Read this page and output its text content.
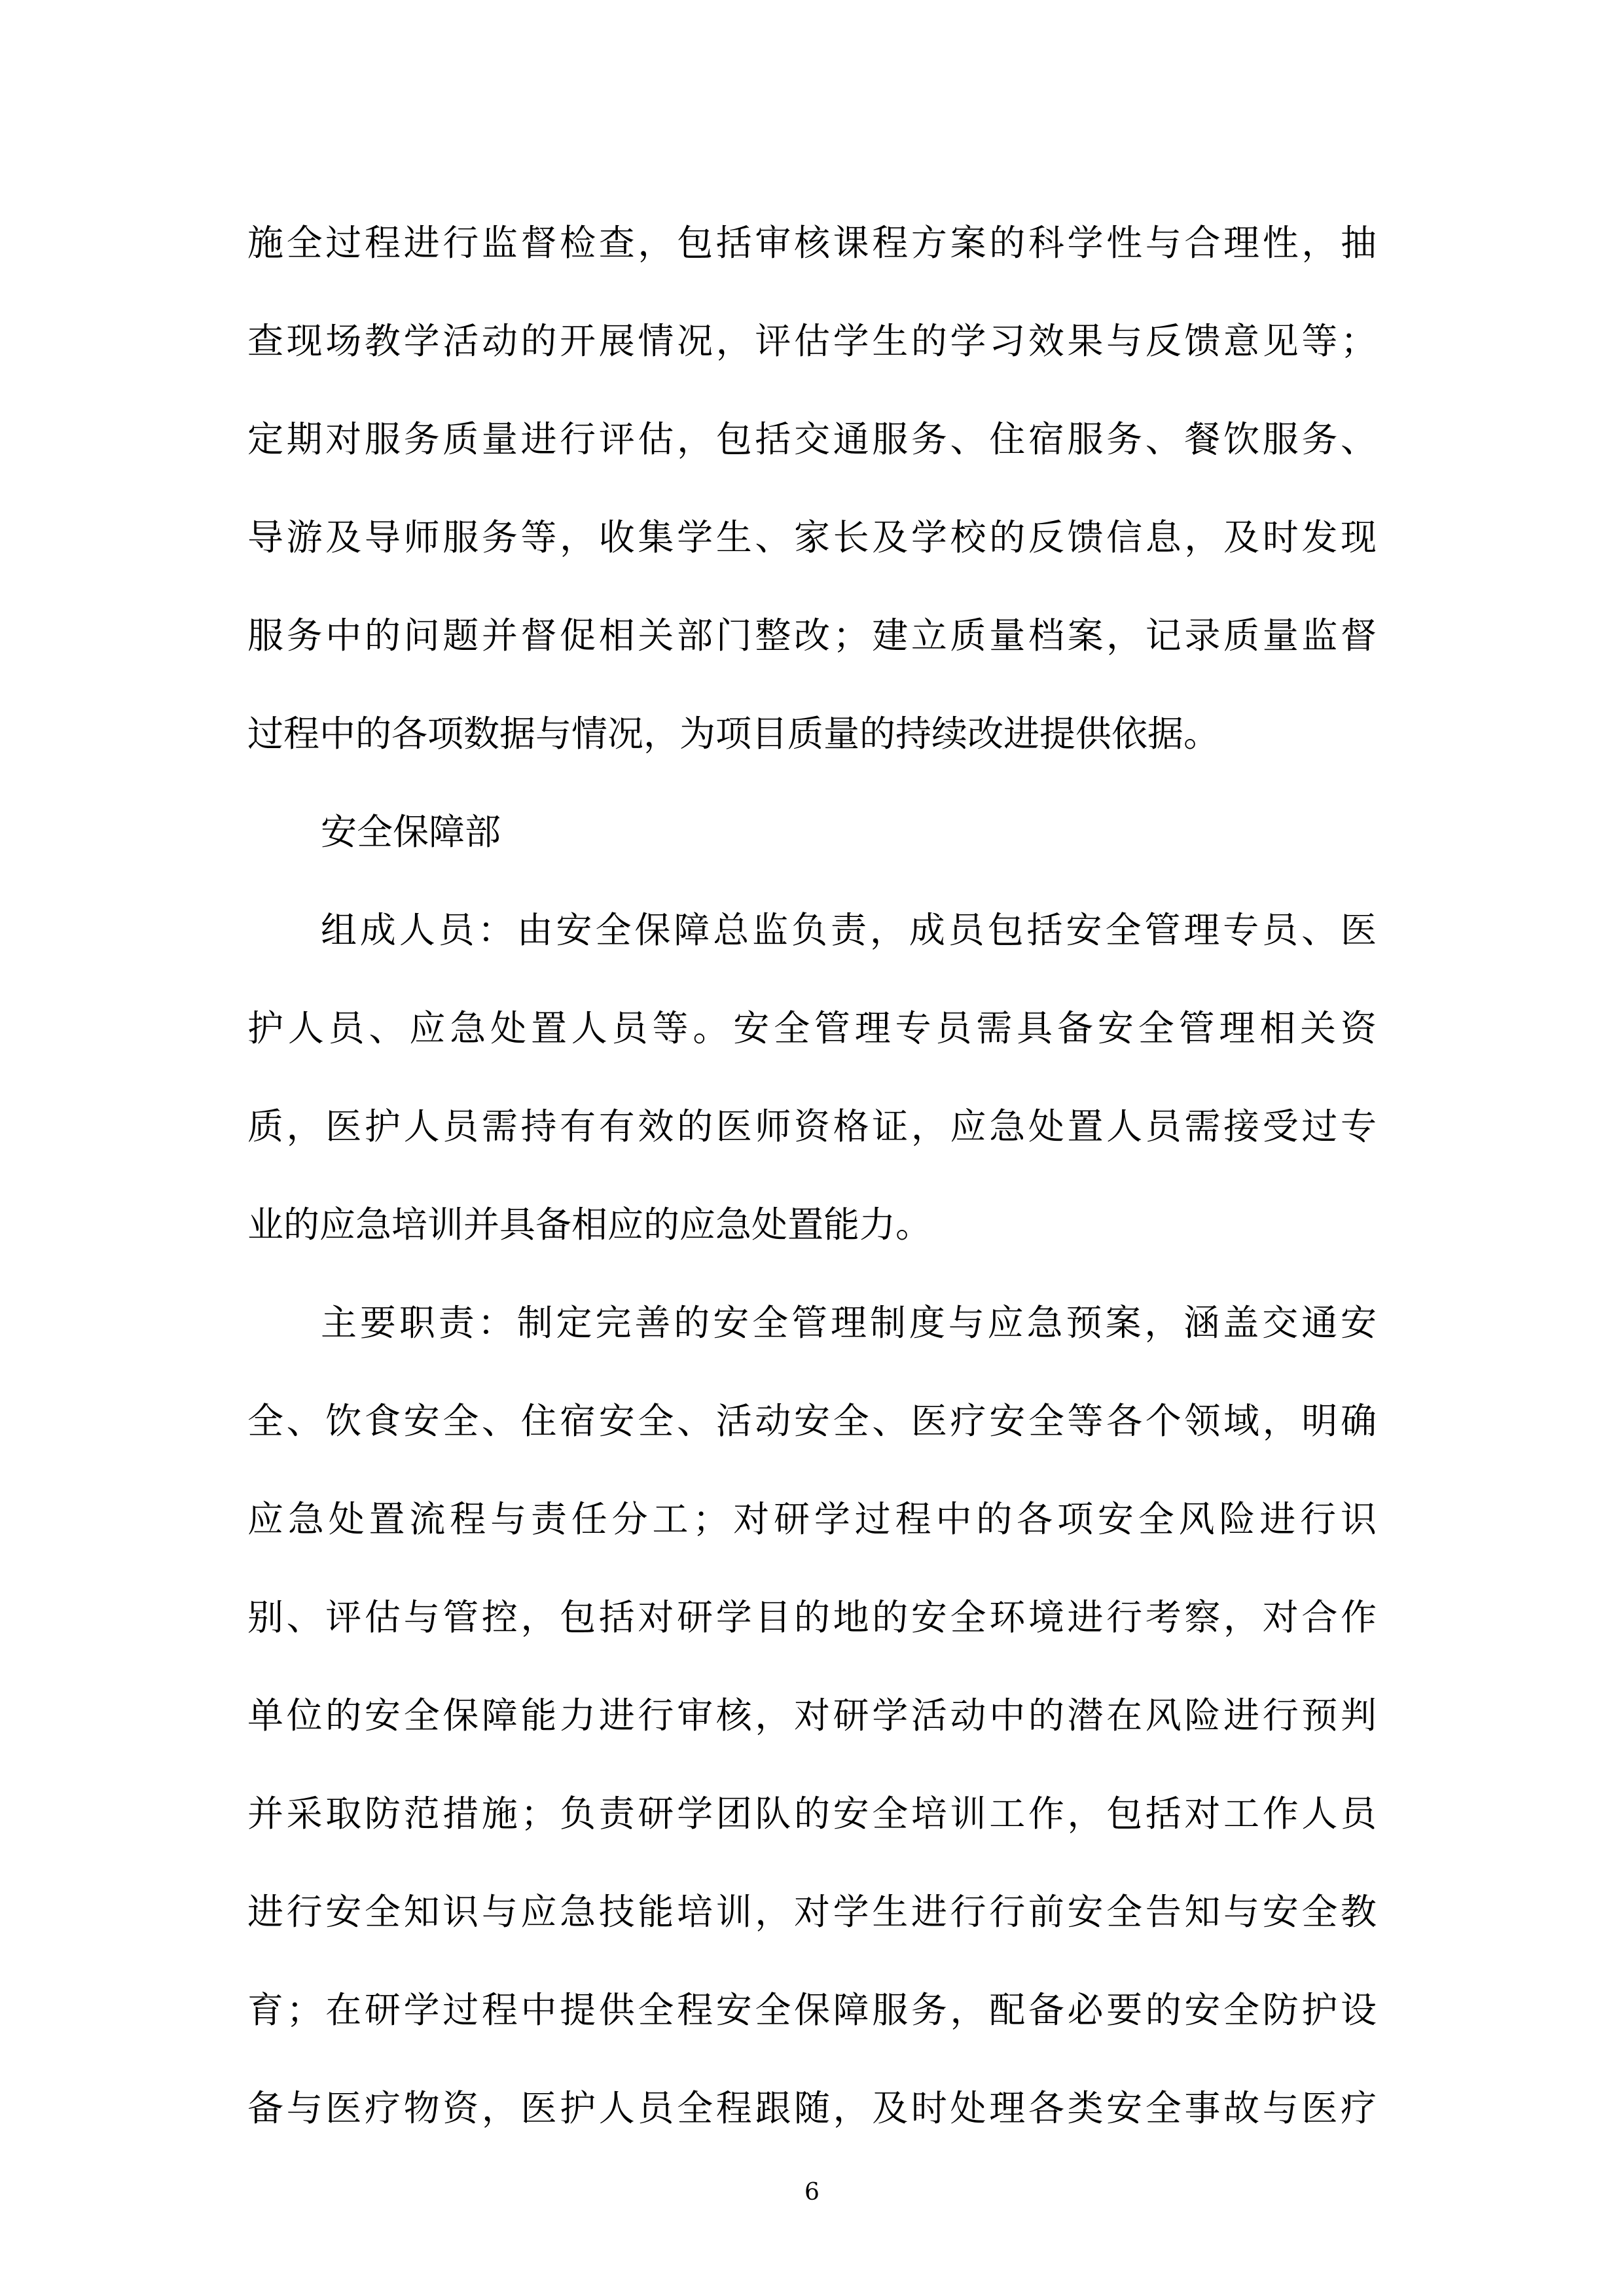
施全过程进行监督检查，包括审核课程方案的科学性与合理性，抽
查现场教学活动的开展情况，评估学生的学习效果与反馈意见等；
定期对服务质量进行评估，包括交通服务、住宿服务、餐饮服务、
导游及导师服务等，收集学生、家长及学校的反馈信息，及时发现
服务中的问题并督促相关部门整改；建立质量档案，记录质量监督
过程中的各项数据与情况，为项目质量的持续改进提供依据。
安全保障部
组成人员：由安全保障总监负责，成员包括安全管理专员、医
护人员、应急处置人员等。安全管理专员需具备安全管理相关资
质，医护人员需持有有效的医师资格证，应急处置人员需接受过专
业的应急培训并具备相应的应急处置能力。
主要职责：制定完善的安全管理制度与应急预案，涵盖交通安
全、饮食安全、住宿安全、活动安全、医疗安全等各个领域，明确
应急处置流程与责任分工；对研学过程中的各项安全风险进行识
别、评估与管控，包括对研学目的地的安全环境进行考察，对合作
单位的安全保障能力进行审核，对研学活动中的潜在风险进行预判
并采取防范措施；负责研学团队的安全培训工作，包括对工作人员
进行安全知识与应急技能培训，对学生进行行前安全告知与安全教
育；在研学过程中提供全程安全保障服务，配备必要的安全防护设
备与医疗物资，医护人员全程跟随，及时处理各类安全事故与医疗
6
